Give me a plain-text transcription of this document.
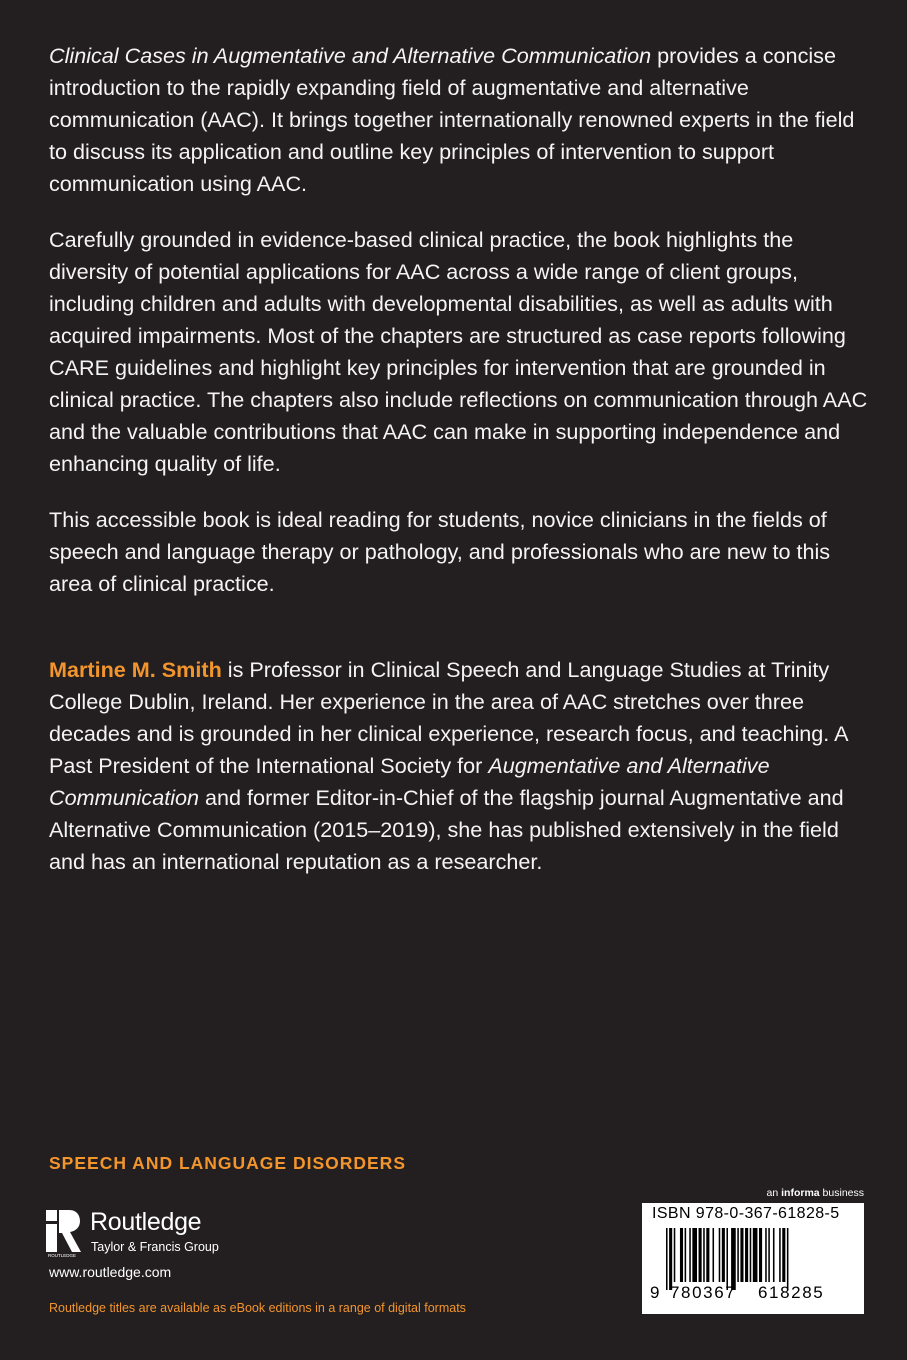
Clinical Cases in Augmentative and Alternative Communication provides a concise introduction to the rapidly expanding field of augmentative and alternative communication (AAC). It brings together internationally renowned experts in the field to discuss its application and outline key principles of intervention to support communication using AAC.

Carefully grounded in evidence-based clinical practice, the book highlights the diversity of potential applications for AAC across a wide range of client groups, including children and adults with developmental disabilities, as well as adults with acquired impairments. Most of the chapters are structured as case reports following CARE guidelines and highlight key principles for intervention that are grounded in clinical practice. The chapters also include reflections on communication through AAC and the valuable contributions that AAC can make in supporting independence and enhancing quality of life.

This accessible book is ideal reading for students, novice clinicians in the fields of speech and language therapy or pathology, and professionals who are new to this area of clinical practice.

Martine M. Smith is Professor in Clinical Speech and Language Studies at Trinity College Dublin, Ireland. Her experience in the area of AAC stretches over three decades and is grounded in her clinical experience, research focus, and teaching. A Past President of the International Society for Augmentative and Alternative Communication and former Editor-in-Chief of the flagship journal Augmentative and Alternative Communication (2015–2019), she has published extensively in the field and has an international reputation as a researcher.

SPEECH AND LANGUAGE DISORDERS
ROUTLEDGE
Routledge
Taylor & Francis Group
www.routledge.com
Routledge titles are available as eBook editions in a range of digital formats
an informa business
ISBN 978-0-367-61828-5
9 780367 618285
